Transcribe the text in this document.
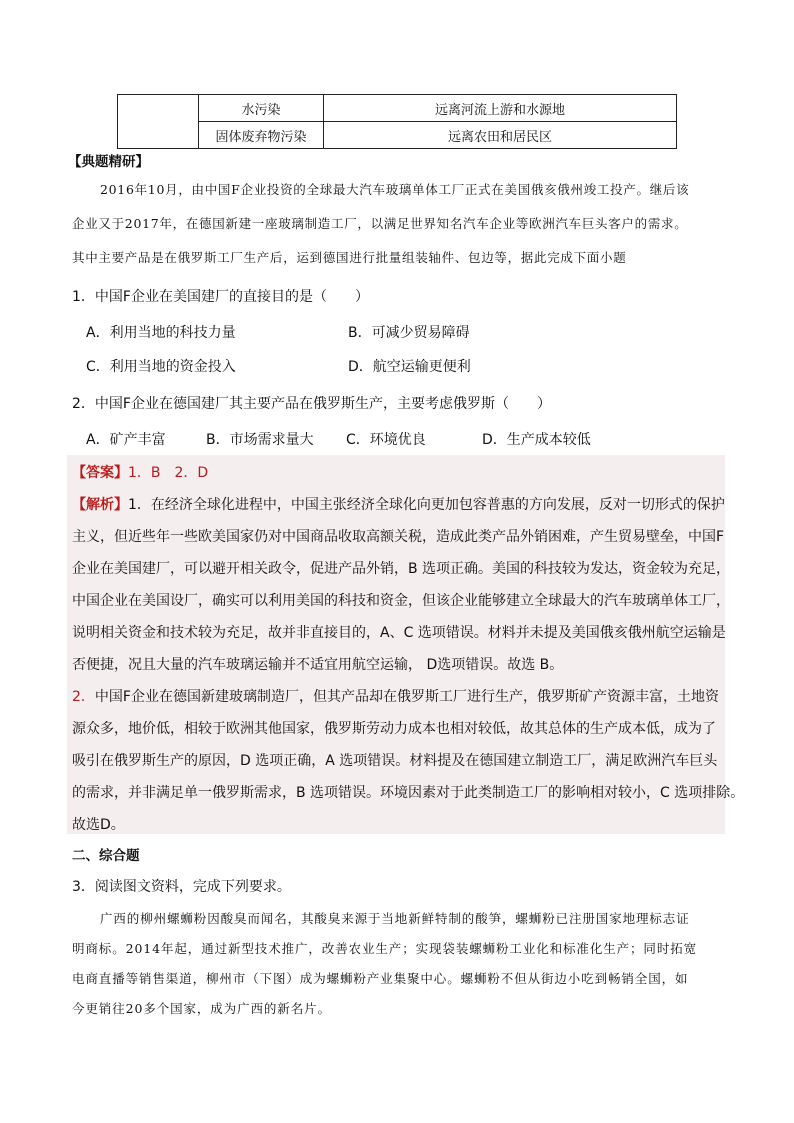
	水污染	远离河流上游和水源地
	固体废弃物污染	远离农田和居民区
【典题精研】
2016年10月，由中国F企业投资的全球最大汽车玻璃单体工厂正式在美国俄亥俄州竣工投产。继后该
企业又于2017年，在德国新建一座玻璃制造工厂，以满足世界知名汽车企业等欧洲汽车巨头客户的需求。
其中主要产品是在俄罗斯工厂生产后，运到德国进行批量组装轴件、包边等，据此完成下面小题
1．中国F企业在美国建厂的直接目的是（　　）
A．利用当地的科技力量	B．可减少贸易障碍
C．利用当地的资金投入	D．航空运输更便利
2．中国F企业在德国建厂其主要产品在俄罗斯生产，主要考虑俄罗斯（　　）
A．矿产丰富	B．市场需求量大 C．环境优良	D．生产成本较低
【答案】1．B　2．D
【解析】1．在经济全球化进程中，中国主张经济全球化向更加包容普惠的方向发展，反对一切形式的保护
主义，但近些年一些欧美国家仍对中国商品收取高额关税，造成此类产品外销困难，产生贸易壁垒，中国F
企业在美国建厂，可以避开相关政令，促进产品外销，B 选项正确。美国的科技较为发达，资金较为充足，
中国企业在美国设厂，确实可以利用美国的科技和资金，但该企业能够建立全球最大的汽车玻璃单体工厂，
说明相关资金和技术较为充足，故并非直接目的，A、C 选项错误。材料并未提及美国俄亥俄州航空运输是
否便捷，况且大量的汽车玻璃运输并不适宜用航空运输， D选项错误。故选 B。
2．中国F企业在德国新建玻璃制造厂，但其产品却在俄罗斯工厂进行生产，俄罗斯矿产资源丰富，土地资
源众多，地价低，相较于欧洲其他国家，俄罗斯劳动力成本也相对较低，故其总体的生产成本低，成为了
吸引在俄罗斯生产的原因，D 选项正确，A 选项错误。材料提及在德国建立制造工厂，满足欧洲汽车巨头
的需求，并非满足单一俄罗斯需求，B 选项错误。环境因素对于此类制造工厂的影响相对较小，C 选项排除。
故选D。
二、综合题
3．阅读图文资料，完成下列要求。
广西的柳州螺蛳粉因酸臭而闻名，其酸臭来源于当地新鲜特制的酸笋，螺蛳粉已注册国家地理标志证
明商标。2014年起，通过新型技术推广，改善农业生产；实现袋装螺蛳粉工业化和标准化生产；同时拓宽
电商直播等销售渠道，柳州市（下图）成为螺蛳粉产业集聚中心。螺蛳粉不但从街边小吃到畅销全国，如
今更销往20多个国家，成为广西的新名片。
